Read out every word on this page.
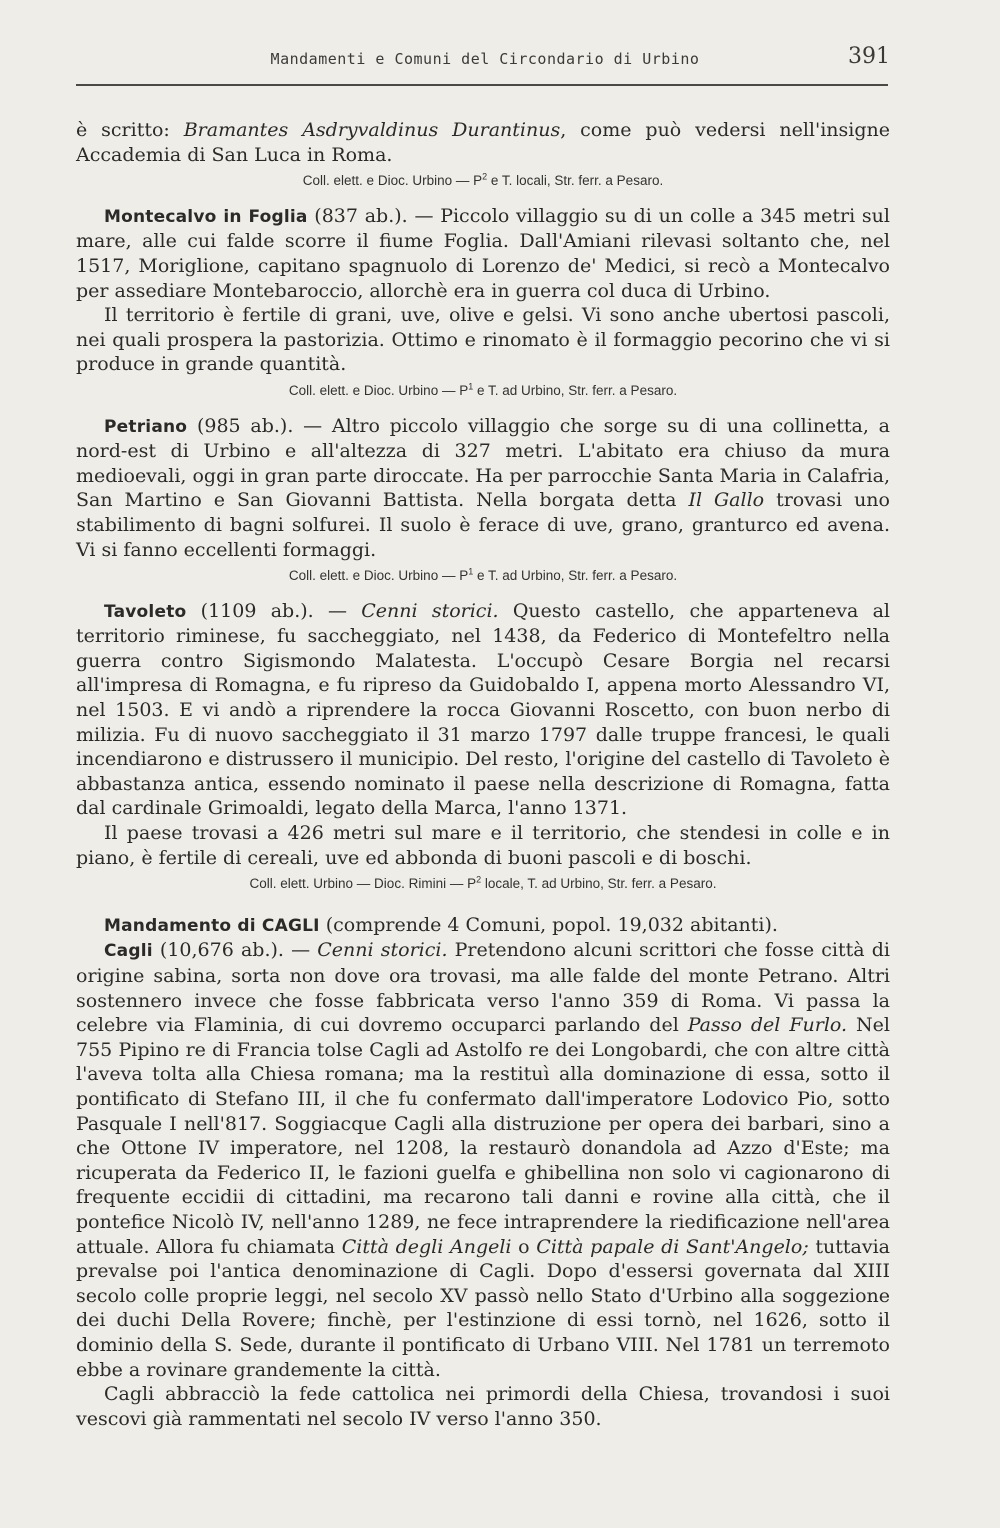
Mandamenti e Comuni del Circondario di Urbino	391

è scritto: Bramantes Asdryvaldinus Durantinus, come può vedersi nell'insigne Accademia di San Luca in Roma.

Coll. elett. e Dioc. Urbino — $P^2$ e T. locali, Str. ferr. a Pesaro.

Montecalvo in Foglia (837 ab.). — Piccolo villaggio su di un colle a 345 metri sul mare, alle cui falde scorre il fiume Foglia. Dall'Amiani rilevasi soltanto che, nel 1517, Moriglione, capitano spagnuolo di Lorenzo de' Medici, si recò a Montecalvo per assediare Montebaroccio, allorchè era in guerra col duca di Urbino.

Il territorio è fertile di grani, uve, olive e gelsi. Vi sono anche ubertosi pascoli, nei quali prospera la pastorizia. Ottimo e rinomato è il formaggio pecorino che vi si produce in grande quantità.

Coll. elett. e Dioc. Urbino — $P^1$ e T. ad Urbino, Str. ferr. a Pesaro.

Petriano (985 ab.). — Altro piccolo villaggio che sorge su di una collinetta, a nord-est di Urbino e all'altezza di 327 metri. L'abitato era chiuso da mura medioevali, oggi in gran parte diroccate. Ha per parrocchie Santa Maria in Calafria, San Martino e San Giovanni Battista. Nella borgata detta Il Gallo trovasi uno stabilimento di bagni solfurei. Il suolo è ferace di uve, grano, granturco ed avena. Vi si fanno eccellenti formaggi.

Coll. elett. e Dioc. Urbino — $P^1$ e T. ad Urbino, Str. ferr. a Pesaro.

Tavoleto (1109 ab.). — Cenni storici. Questo castello, che apparteneva al territorio riminese, fu saccheggiato, nel 1438, da Federico di Montefeltro nella guerra contro Sigismondo Malatesta. L'occupò Cesare Borgia nel recarsi all'impresa di Romagna, e fu ripreso da Guidobaldo I, appena morto Alessandro VI, nel 1503. E vi andò a riprendere la rocca Giovanni Roscetto, con buon nerbo di milizia. Fu di nuovo saccheggiato il 31 marzo 1797 dalle truppe francesi, le quali incendiarono e distrussero il municipio. Del resto, l'origine del castello di Tavoleto è abbastanza antica, essendo nominato il paese nella descrizione di Romagna, fatta dal cardinale Grimoaldi, legato della Marca, l'anno 1371.

Il paese trovasi a 426 metri sul mare e il territorio, che stendesi in colle e in piano, è fertile di cereali, uve ed abbonda di buoni pascoli e di boschi.

Coll. elett. Urbino — Dioc. Rimini — $P^2$ locale, T. ad Urbino, Str. ferr. a Pesaro.

Mandamento di CAGLI (comprende 4 Comuni, popol. 19,032 abitanti).

Cagli (10,676 ab.). — Cenni storici. Pretendono alcuni scrittori che fosse città di origine sabina, sorta non dove ora trovasi, ma alle falde del monte Petrano. Altri sostennero invece che fosse fabbricata verso l'anno 359 di Roma. Vi passa la celebre via Flaminia, di cui dovremo occuparci parlando del Passo del Furlo. Nel 755 Pipino re di Francia tolse Cagli ad Astolfo re dei Longobardi, che con altre città l'aveva tolta alla Chiesa romana; ma la restituì alla dominazione di essa, sotto il pontificato di Stefano III, il che fu confermato dall'imperatore Lodovico Pio, sotto Pasquale I nell'817. Soggiacque Cagli alla distruzione per opera dei barbari, sino a che Ottone IV imperatore, nel 1208, la restaurò donandola ad Azzo d'Este; ma ricuperata da Federico II, le fazioni guelfa e ghibellina non solo vi cagionarono di frequente eccidii di cittadini, ma recarono tali danni e rovine alla città, che il pontefice Nicolò IV, nell'anno 1289, ne fece intraprendere la riedificazione nell'area attuale. Allora fu chiamata Città degli Angeli o Città papale di Sant'Angelo; tuttavia prevalse poi l'antica denominazione di Cagli. Dopo d'essersi governata dal XIII secolo colle proprie leggi, nel secolo XV passò nello Stato d'Urbino alla soggezione dei duchi Della Rovere; finchè, per l'estinzione di essi tornò, nel 1626, sotto il dominio della S. Sede, durante il pontificato di Urbano VIII. Nel 1781 un terremoto ebbe a rovinare grandemente la città.

Cagli abbracciò la fede cattolica nei primordi della Chiesa, trovandosi i suoi vescovi già rammentati nel secolo IV verso l'anno 350.
